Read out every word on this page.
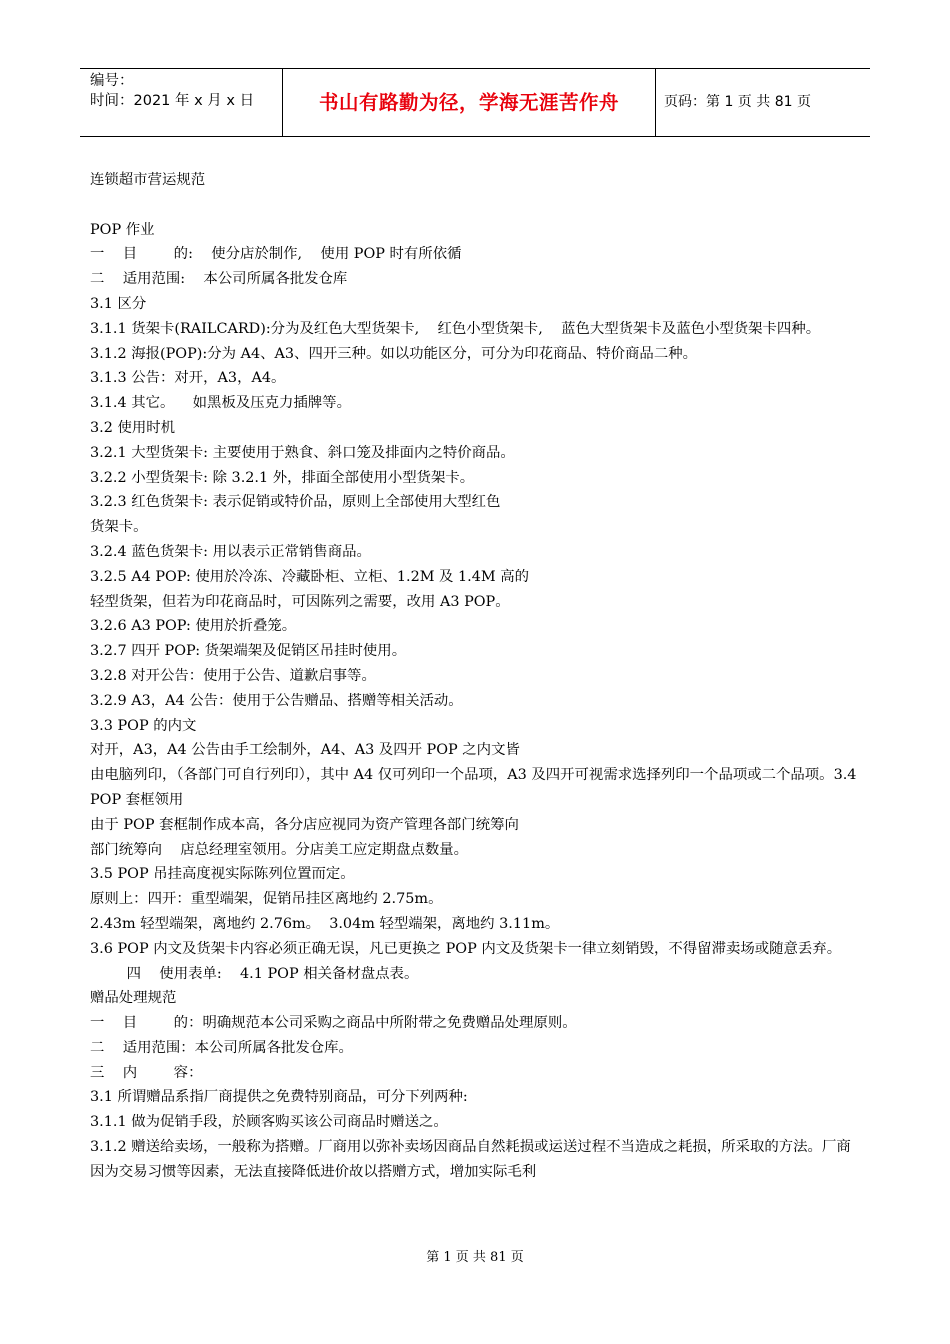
编号：
时间：2021 年 x 月 x 日	书山有路勤为径，学海无涯苦作舟	页码：第 1 页 共 81 页

连锁超市营运规范

POP 作业

一    目        的:    使分店於制作,    使用 POP 时有所依循

二    适用范围:    本公司所属各批发仓库

3.1 区分

3.1.1 货架卡(RAILCARD):分为及红色大型货架卡,    红色小型货架卡,    蓝色大型货架卡及蓝色小型货架卡四种。

3.1.2 海报(POP):分为 A4、A3、四开三种。如以功能区分，可分为印花商品、特价商品二种。

3.1.3 公告：对开，A3，A4。

3.1.4 其它。    如黑板及压克力插牌等。

3.2 使用时机

3.2.1 大型货架卡: 主要使用于熟食、斜口笼及排面内之特价商品。

3.2.2 小型货架卡: 除 3.2.1 外，排面全部使用小型货架卡。

3.2.3 红色货架卡: 表示促销或特价品，原则上全部使用大型红色

货架卡。

3.2.4 蓝色货架卡: 用以表示正常销售商品。

3.2.5 A4 POP: 使用於冷冻、冷藏卧柜、立柜、1.2M 及 1.4M 高的

轻型货架，但若为印花商品时，可因陈列之需要，改用 A3 POP。

3.2.6 A3 POP: 使用於折叠笼。

3.2.7 四开 POP: 货架端架及促销区吊挂时使用。

3.2.8 对开公告：使用于公告、道歉启事等。

3.2.9 A3，A4 公告：使用于公告赠品、搭赠等相关活动。

3.3 POP 的内文

对开，A3，A4 公告由手工绘制外，A4、A3 及四开 POP 之内文皆

由电脑列印，（各部门可自行列印），其中 A4 仅可列印一个品项，A3 及四开可视需求选择列印一个品项或二个品项。3.4 POP 套框领用

由于 POP 套框制作成本高，各分店应视同为资产管理各部门统筹向

部门统筹向    店总经理室领用。分店美工应定期盘点数量。

3.5 POP 吊挂高度视实际陈列位置而定。

原则上：四开：重型端架，促销吊挂区离地约 2.75m。

2.43m 轻型端架，离地约 2.76m。  3.04m 轻型端架，离地约 3.11m。

3.6 POP 内文及货架卡内容必须正确无误，凡已更换之 POP 内文及货架卡一律立刻销毁，不得留滞卖场或随意丢弃。

四    使用表单:    4.1 POP 相关备材盘点表。

赠品处理规范

一    目        的：明确规范本公司采购之商品中所附带之免费赠品处理原则。

二    适用范围：本公司所属各批发仓库。

三    内        容：

3.1 所谓赠品系指厂商提供之免费特别商品，可分下列两种:

3.1.1 做为促销手段，於顾客购买该公司商品时赠送之。

3.1.2 赠送给卖场，一般称为搭赠。厂商用以弥补卖场因商品自然耗损或运送过程不当造成之耗损，所采取的方法。厂商因为交易习惯等因素，无法直接降低进价故以搭赠方式，增加实际毛利

第 1 页 共 81 页
